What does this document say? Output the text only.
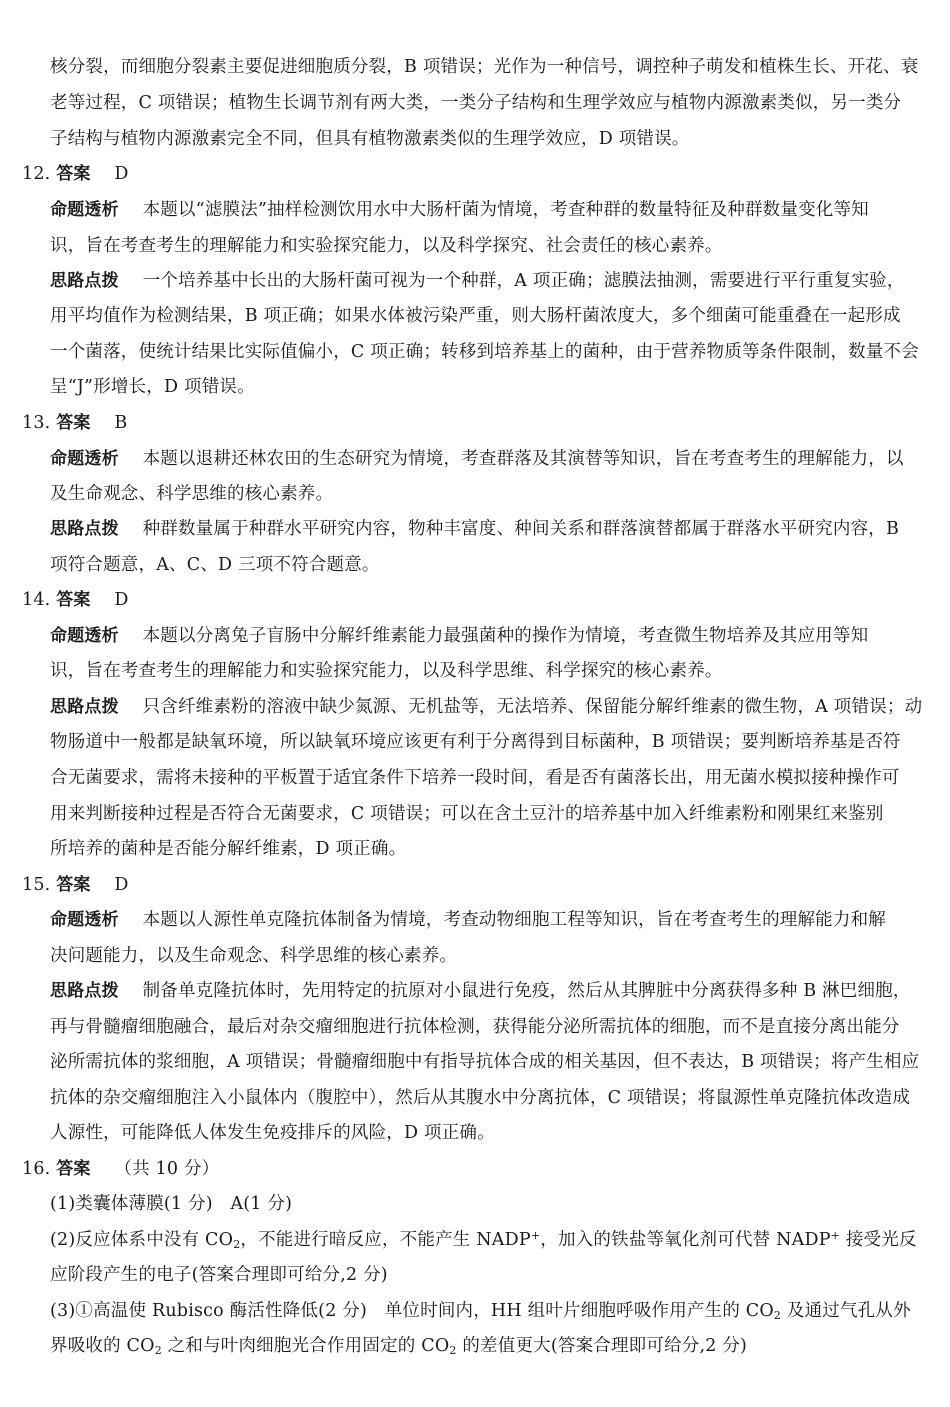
核分裂，而细胞分裂素主要促进细胞质分裂，B 项错误；光作为一种信号，调控种子萌发和植株生长、开花、衰
老等过程，C 项错误；植物生长调节剂有两大类，一类分子结构和生理学效应与植物内源激素类似，另一类分
子结构与植物内源激素完全不同，但具有植物激素类似的生理学效应，D 项错误。
12. 答案 D
命题透析 本题以“滤膜法”抽样检测饮用水中大肠杆菌为情境，考查种群的数量特征及种群数量变化等知
识，旨在考查考生的理解能力和实验探究能力，以及科学探究、社会责任的核心素养。
思路点拨 一个培养基中长出的大肠杆菌可视为一个种群，A 项正确；滤膜法抽测，需要进行平行重复实验，
用平均值作为检测结果，B 项正确；如果水体被污染严重，则大肠杆菌浓度大，多个细菌可能重叠在一起形成
一个菌落，使统计结果比实际值偏小，C 项正确；转移到培养基上的菌种，由于营养物质等条件限制，数量不会
呈“J”形增长，D 项错误。
13. 答案 B
命题透析 本题以退耕还林农田的生态研究为情境，考查群落及其演替等知识，旨在考查考生的理解能力，以
及生命观念、科学思维的核心素养。
思路点拨 种群数量属于种群水平研究内容，物种丰富度、种间关系和群落演替都属于群落水平研究内容，B
项符合题意，A、C、D 三项不符合题意。
14. 答案 D
命题透析 本题以分离兔子盲肠中分解纤维素能力最强菌种的操作为情境，考查微生物培养及其应用等知
识，旨在考查考生的理解能力和实验探究能力，以及科学思维、科学探究的核心素养。
思路点拨 只含纤维素粉的溶液中缺少氮源、无机盐等，无法培养、保留能分解纤维素的微生物，A 项错误；动
物肠道中一般都是缺氧环境，所以缺氧环境应该更有利于分离得到目标菌种，B 项错误；要判断培养基是否符
合无菌要求，需将未接种的平板置于适宜条件下培养一段时间，看是否有菌落长出，用无菌水模拟接种操作可
用来判断接种过程是否符合无菌要求，C 项错误；可以在含土豆汁的培养基中加入纤维素粉和刚果红来鉴别
所培养的菌种是否能分解纤维素，D 项正确。
15. 答案 D
命题透析 本题以人源性单克隆抗体制备为情境，考查动物细胞工程等知识，旨在考查考生的理解能力和解
决问题能力，以及生命观念、科学思维的核心素养。
思路点拨 制备单克隆抗体时，先用特定的抗原对小鼠进行免疫，然后从其脾脏中分离获得多种 B 淋巴细胞，
再与骨髓瘤细胞融合，最后对杂交瘤细胞进行抗体检测，获得能分泌所需抗体的细胞，而不是直接分离出能分
泌所需抗体的浆细胞，A 项错误；骨髓瘤细胞中有指导抗体合成的相关基因，但不表达，B 项错误；将产生相应
抗体的杂交瘤细胞注入小鼠体内（腹腔中），然后从其腹水中分离抗体，C 项错误；将鼠源性单克隆抗体改造成
人源性，可能降低人体发生免疫排斥的风险，D 项正确。
16. 答案 （共 10 分）
(1)类囊体薄膜(1 分)　A(1 分)
(2)反应体系中没有 $CO_2$，不能进行暗反应，不能产生 NADP+，加入的铁盐等氧化剂可代替 NADP+ 接受光反
应阶段产生的电子(答案合理即可给分,2 分)
(3)①高温使 Rubisco 酶活性降低(2 分)　单位时间内，HH 组叶片细胞呼吸作用产生的 $CO_2$ 及通过气孔从外
界吸收的 $CO_2$ 之和与叶肉细胞光合作用固定的 $CO_2$ 的差值更大(答案合理即可给分,2 分)
